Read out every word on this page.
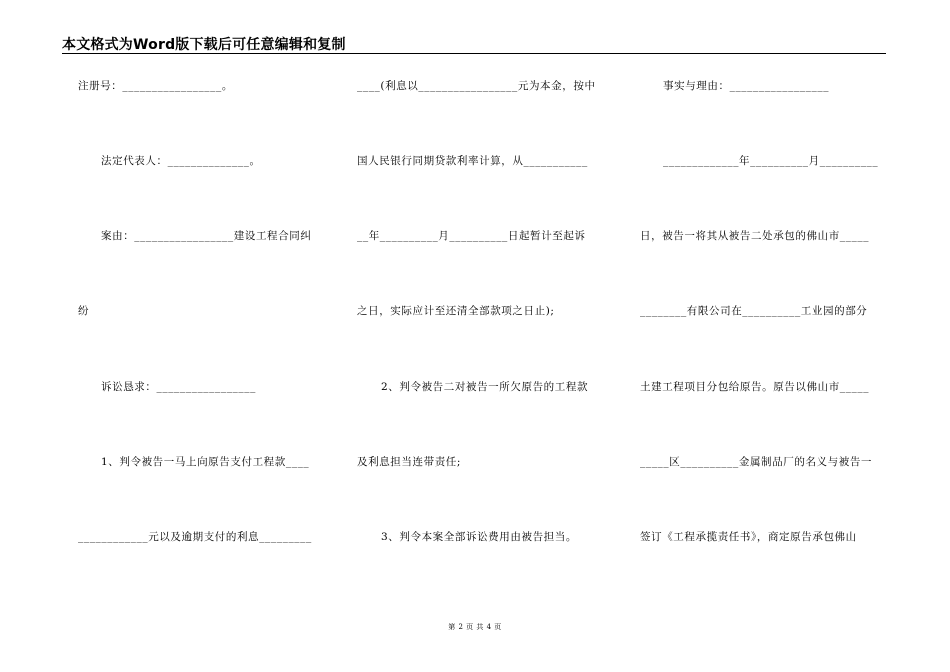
本文格式为Word版下载后可任意编辑和复制
注册号：_________________。
法定代表人：______________。
案由：_________________建设工程合同纠
纷
诉讼恳求：_________________
1、判令被告一马上向原告支付工程款____
____________元以及逾期支付的利息_________
____(利息以_________________元为本金，按中
国人民银行同期贷款利率计算，从___________
__年__________月__________日起暂计至起诉
之日，实际应计至还清全部款项之日止);
2、判令被告二对被告一所欠原告的工程款
及利息担当连带责任;
3、判令本案全部诉讼费用由被告担当。
事实与理由：_________________
_____________年__________月__________
日，被告一将其从被告二处承包的佛山市_____
________有限公司在__________工业园的部分
土建工程项目分包给原告。原告以佛山市_____
_____区__________金属制品厂的名义与被告一
签订《工程承揽责任书》，商定原告承包佛山
第 2 页 共 4 页
